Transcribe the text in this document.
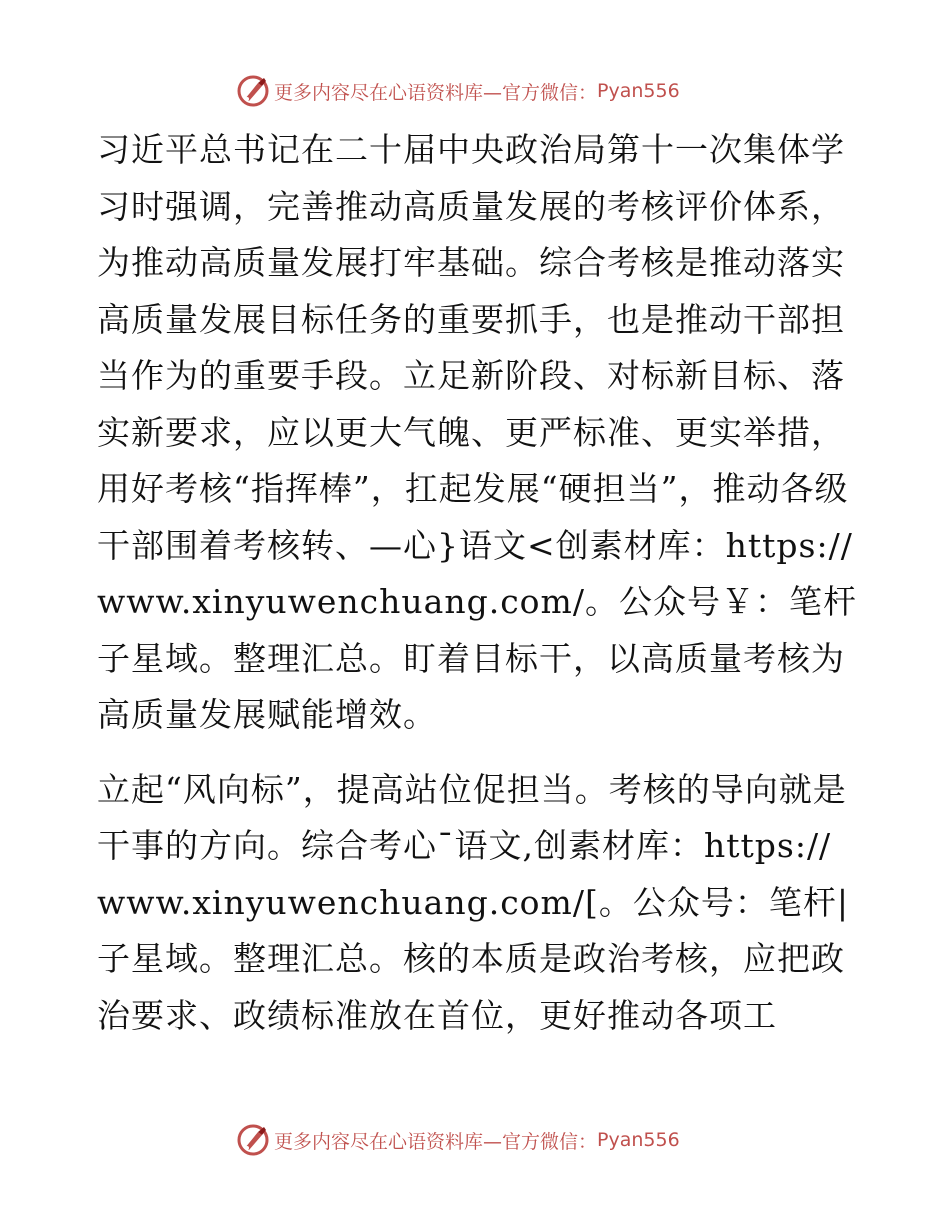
更多内容尽在心语资料库—官方微信： Pyan556

习近平总书记在二十届中央政治局第十一次集体学习时强调，完善推动高质量发展的考核评价体系，为推动高质量发展打牢基础。综合考核是推动落实高质量发展目标任务的重要抓手，也是推动干部担当作为的重要手段。立足新阶段、对标新目标、落实新要求，应以更大气魄、更严标准、更实举措，用好考核“指挥棒”，扛起发展“硬担当”，推动各级干部围着考核转、—心}语文<创素材库：https://www.xinyuwenchuang.com/。公众号￥：笔杆子星域。整理汇总。盯着目标干，以高质量考核为高质量发展赋能增效。

立起“风向标”，提高站位促担当。考核的导向就是干事的方向。综合考心¯语文,创素材库：https://www.xinyuwenchuang.com/[。公众号：笔杆|子星域。整理汇总。核的本质是政治考核，应把政治要求、政绩标准放在首位，更好推动各项工

更多内容尽在心语资料库—官方微信： Pyan556
